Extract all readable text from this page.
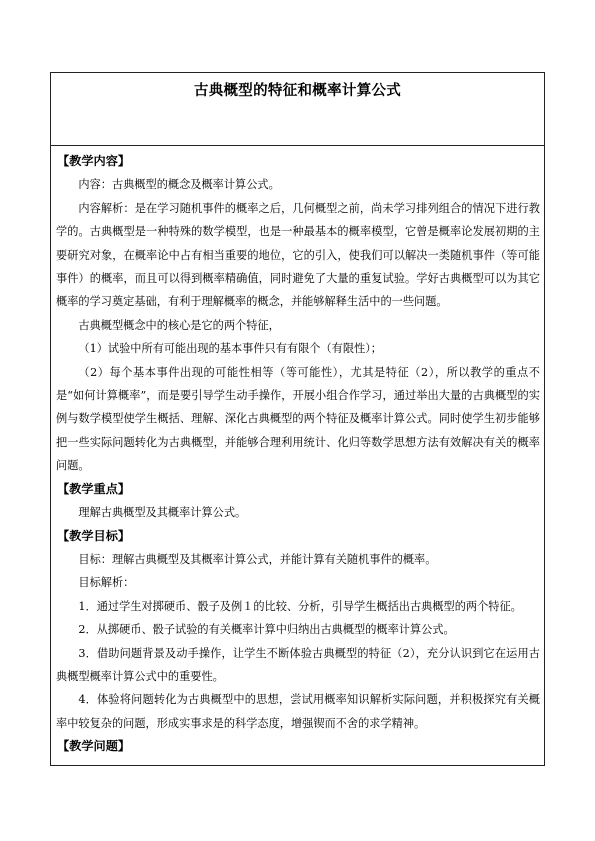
古典概型的特征和概率计算公式
【教学内容】
内容：古典概型的概念及概率计算公式。
内容解析：是在学习随机事件的概率之后，几何概型之前，尚未学习排列组合的情况下进行教学的。古典概型是一种特殊的数学模型，也是一种最基本的概率模型，它曾是概率论发展初期的主要研究对象，在概率论中占有相当重要的地位，它的引入，使我们可以解决一类随机事件（等可能事件）的概率，而且可以得到概率精确值，同时避免了大量的重复试验。学好古典概型可以为其它概率的学习奠定基础，有利于理解概率的概念，并能够解释生活中的一些问题。
古典概型概念中的核心是它的两个特征，
（1）试验中所有可能出现的基本事件只有有限个（有限性）；
（2）每个基本事件出现的可能性相等（等可能性），尤其是特征（2），所以教学的重点不是“如何计算概率”，而是要引导学生动手操作，开展小组合作学习，通过举出大量的古典概型的实例与数学模型使学生概括、理解、深化古典概型的两个特征及概率计算公式。同时使学生初步能够把一些实际问题转化为古典概型，并能够合理利用统计、化归等数学思想方法有效解决有关的概率问题。
【教学重点】
理解古典概型及其概率计算公式。
【教学目标】
目标：理解古典概型及其概率计算公式，并能计算有关随机事件的概率。
目标解析：
1．通过学生对掷硬币、骰子及例１的比较、分析，引导学生概括出古典概型的两个特征。
2．从掷硬币、骰子试验的有关概率计算中归纳出古典概型的概率计算公式。
3．借助问题背景及动手操作，让学生不断体验古典概型的特征（2），充分认识到它在运用古典概型概率计算公式中的重要性。
4．体验将问题转化为古典概型中的思想，尝试用概率知识解析实际问题，并积极探究有关概率中较复杂的问题，形成实事求是的科学态度，增强锲而不舍的求学精神。
【教学问题】
